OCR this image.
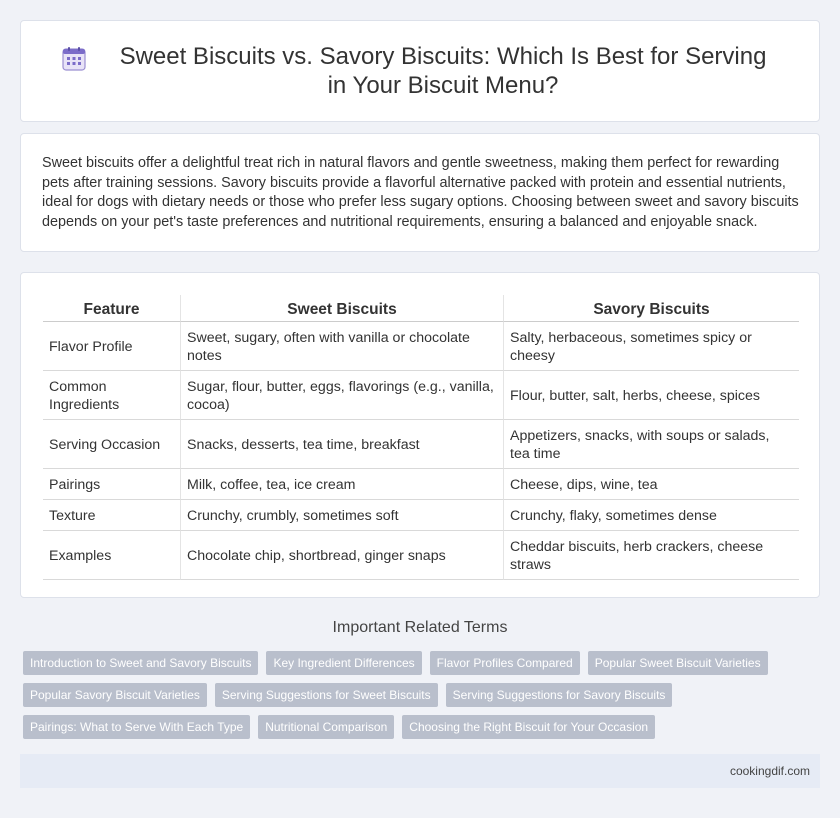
Sweet Biscuits vs. Savory Biscuits: Which Is Best for Serving in Your Biscuit Menu?

Sweet biscuits offer a delightful treat rich in natural flavors and gentle sweetness, making them perfect for rewarding pets after training sessions. Savory biscuits provide a flavorful alternative packed with protein and essential nutrients, ideal for dogs with dietary needs or those who prefer less sugary options. Choosing between sweet and savory biscuits depends on your pet's taste preferences and nutritional requirements, ensuring a balanced and enjoyable snack.

Feature	Sweet Biscuits	Savory Biscuits
Flavor Profile	Sweet, sugary, often with vanilla or chocolate notes	Salty, herbaceous, sometimes spicy or cheesy
Common Ingredients	Sugar, flour, butter, eggs, flavorings (e.g., vanilla, cocoa)	Flour, butter, salt, herbs, cheese, spices
Serving Occasion	Snacks, desserts, tea time, breakfast	Appetizers, snacks, with soups or salads, tea time
Pairings	Milk, coffee, tea, ice cream	Cheese, dips, wine, tea
Texture	Crunchy, crumbly, sometimes soft	Crunchy, flaky, sometimes dense
Examples	Chocolate chip, shortbread, ginger snaps	Cheddar biscuits, herb crackers, cheese straws
Important Related Terms
Introduction to Sweet and Savory Biscuits	Key Ingredient Differences	Flavor Profiles Compared	Popular Sweet Biscuit Varieties
Popular Savory Biscuit Varieties	Serving Suggestions for Sweet Biscuits	Serving Suggestions for Savory Biscuits
Pairings: What to Serve With Each Type	Nutritional Comparison	Choosing the Right Biscuit for Your Occasion
cookingdif.com
